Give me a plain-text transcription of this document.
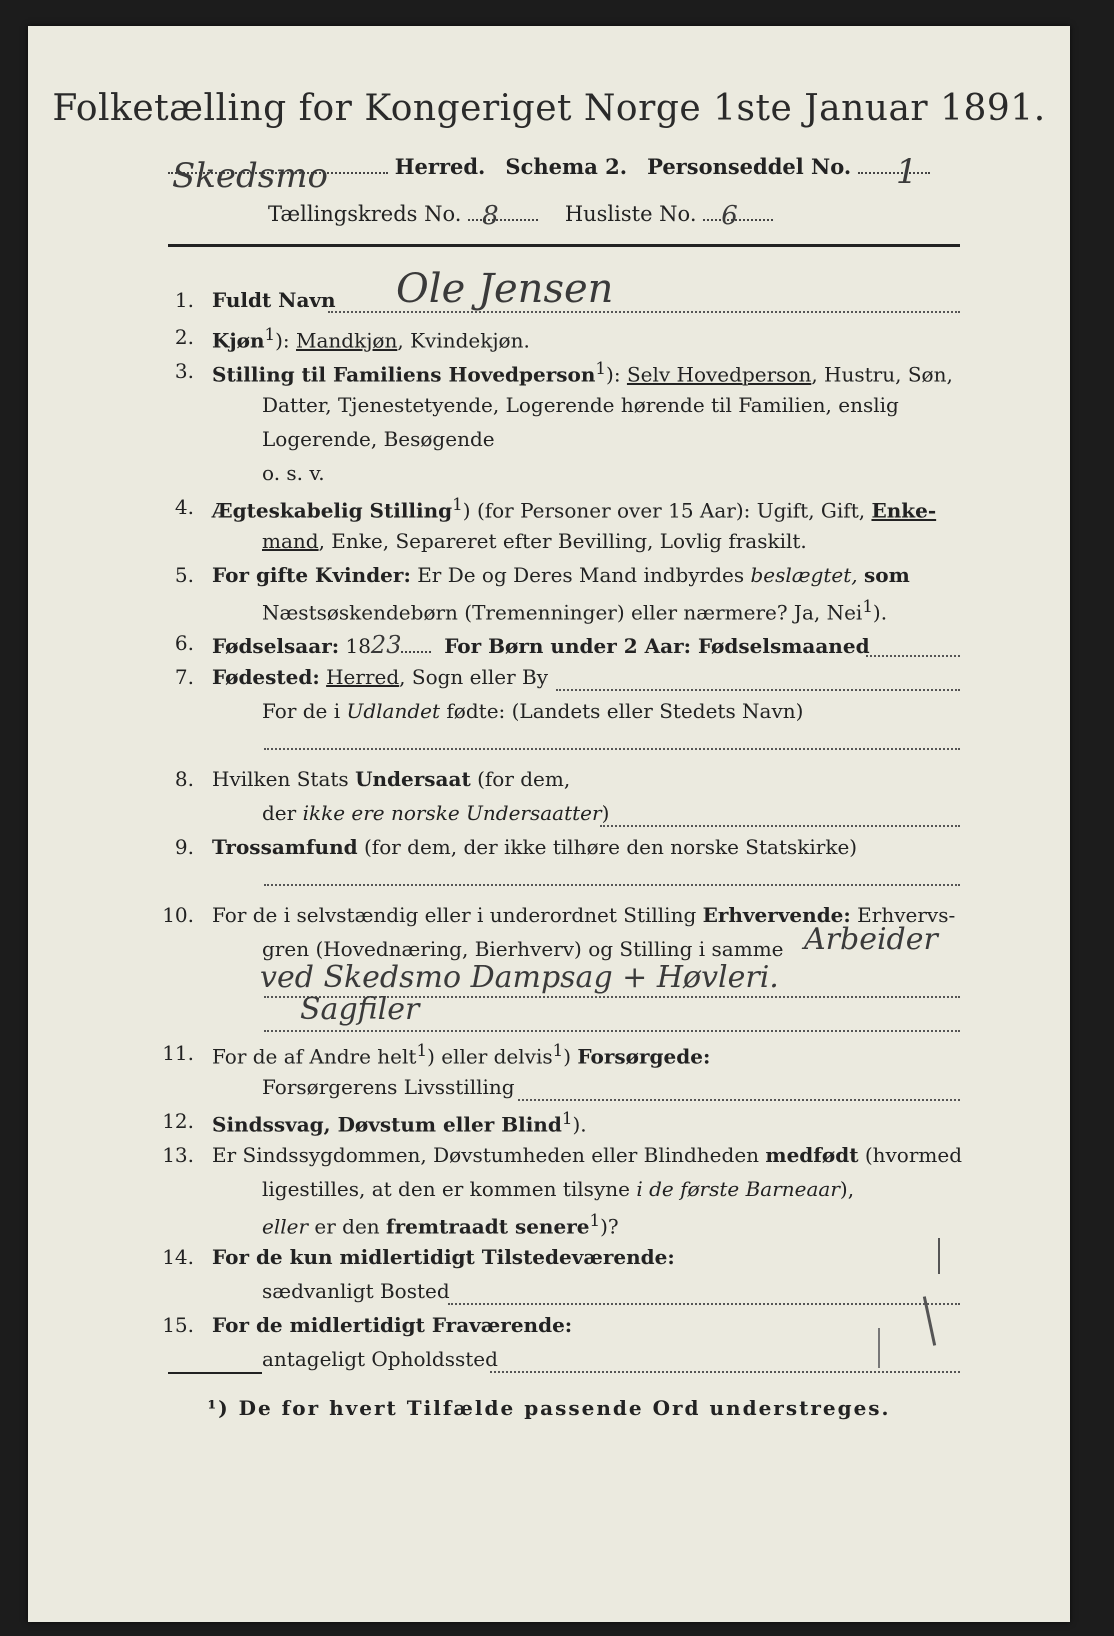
Folketælling for Kongeriget Norge 1ste Januar 1891.
Skedsmo	Herred. Schema 2. Personseddel No. 1
Tællingskreds No. 8	Husliste No. 6
1. Fuldt Navn Ole Jensen
2. Kjøn$^1$): Mandkjøn, Kvindekjøn.
3. Stilling til Familiens Hovedperson$^1$): Selv Hovedperson, Hustru, Søn,
Datter, Tjenestetyende, Logerende hørende til Familien, enslig
Logerende, Besøgende
o. s. v.
4. Ægteskabelig Stilling$^1$) (for Personer over 15 Aar): Ugift, Gift, Enke-
mand, Enke, Separeret efter Bevilling, Lovlig fraskilt.
5. For gifte Kvinder: Er De og Deres Mand indbyrdes beslægtet, som
Næstsøskendebørn (Tremenninger) eller nærmere? Ja, Nei$^1$).
6. Fødselsaar: 1823 For Børn under 2 Aar: Fødselsmaaned
7. Fødested: Herred, Sogn eller By
For de i Udlandet fødte: (Landets eller Stedets Navn)
8. Hvilken Stats Undersaat (for dem,
der ikke ere norske Undersaatter)
9. Trossamfund (for dem, der ikke tilhøre den norske Statskirke)
10. For de i selvstændig eller i underordnet Stilling Erhvervende: Erhvervs-
gren (Hovednæring, Bierhverv) og Stilling i samme Arbeider
ved Skedsmo Dampsag + Høvleri.
Sagfiler
11. For de af Andre helt$^1$) eller delvis$^1$) Forsørgede:
Forsørgerens Livsstilling
12. Sindssvag, Døvstum eller Blind$^1$).
13. Er Sindssygdommen, Døvstumheden eller Blindheden medfødt (hvormed
ligestilles, at den er kommen tilsyne i de første Barneaar),
eller er den fremtraadt senere$^1$)?
14. For de kun midlertidigt Tilstedeværende:
sædvanligt Bosted
15. For de midlertidigt Fraværende:
antageligt Opholdssted
¹) De for hvert Tilfælde passende Ord understreges.
